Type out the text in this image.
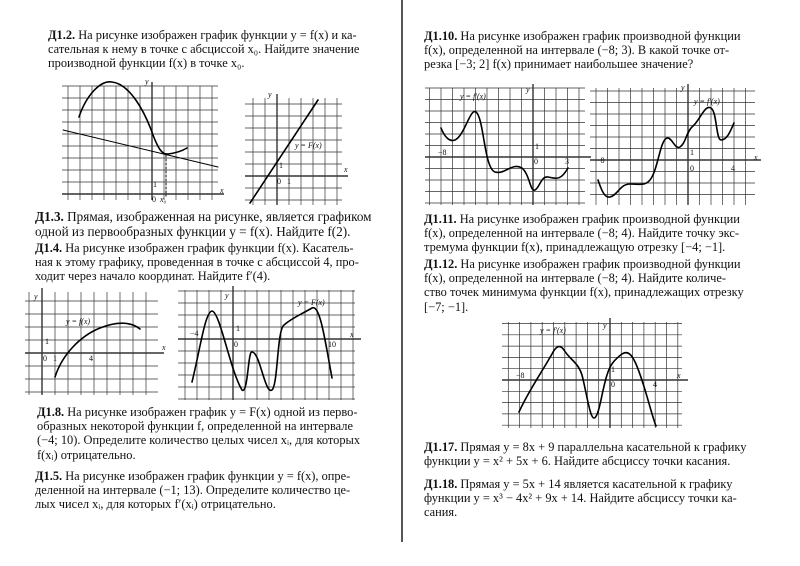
Д1.2. На рисунке изображен график функции y = f(x) и ка-
сательная к нему в точке с абсциссой x₀. Найдите значение
производной функции f(x) в точке x₀.
Д1.3. Прямая, изображенная на рисунке, является графиком
одной из первообразных функции y = f(x). Найдите f(2).
Д1.4. На рисунке изображен график функции f(x). Касатель-
ная к этому графику, проведенная в точке с абсциссой 4, про-
ходит через начало координат. Найдите f′(4).
Д1.8. На рисунке изображен график y = F(x) одной из перво-
образных некоторой функции f, определенной на интервале
(−4; 10). Определите количество целых чисел xᵢ, для которых
f(xᵢ) отрицательно.
Д1.5. На рисунке изображен график функции y = f(x), опре-
деленной на интервале (−1; 13). Определите количество це-
лых чисел xᵢ, для которых f′(xᵢ) отрицательно.
Д1.10. На рисунке изображен график производной функции
f(x), определенной на интервале (−8; 3). В какой точке от-
резка [−3; 2] f(x) принимает наибольшее значение?
Д1.11. На рисунке изображен график производной функции
f(x), определенной на интервале (−8; 4). Найдите точку экс-
тремума функции f(x), принадлежащую отрезку [−4; −1].
Д1.12. На рисунке изображен график производной функции
f(x), определенной на интервале (−8; 4). Найдите количе-
ство точек минимума функции f(x), принадлежащих отрезку
[−7; −1].
Д1.17. Прямая y = 8x + 9 параллельна касательной к графику
функции y = x² + 5x + 6. Найдите абсциссу точки касания.
Д1.18. Прямая y = 5x + 14 является касательной к графику
функции y = x³ − 4x² + 9x + 14. Найдите абсциссу точки ка-
сания.
y
x
0 x₀
1
y
x
y = F(x)
1
0 1
y
x
y = f(x)
1
0 1	4
y
x
y = F(x)
−4
0
1
10
y
y = f′(x)
−8
0
1
3
y
x
y = f′(x)
−8
0
1
4
y
x
y = f′(x)
−8
0
1
4
